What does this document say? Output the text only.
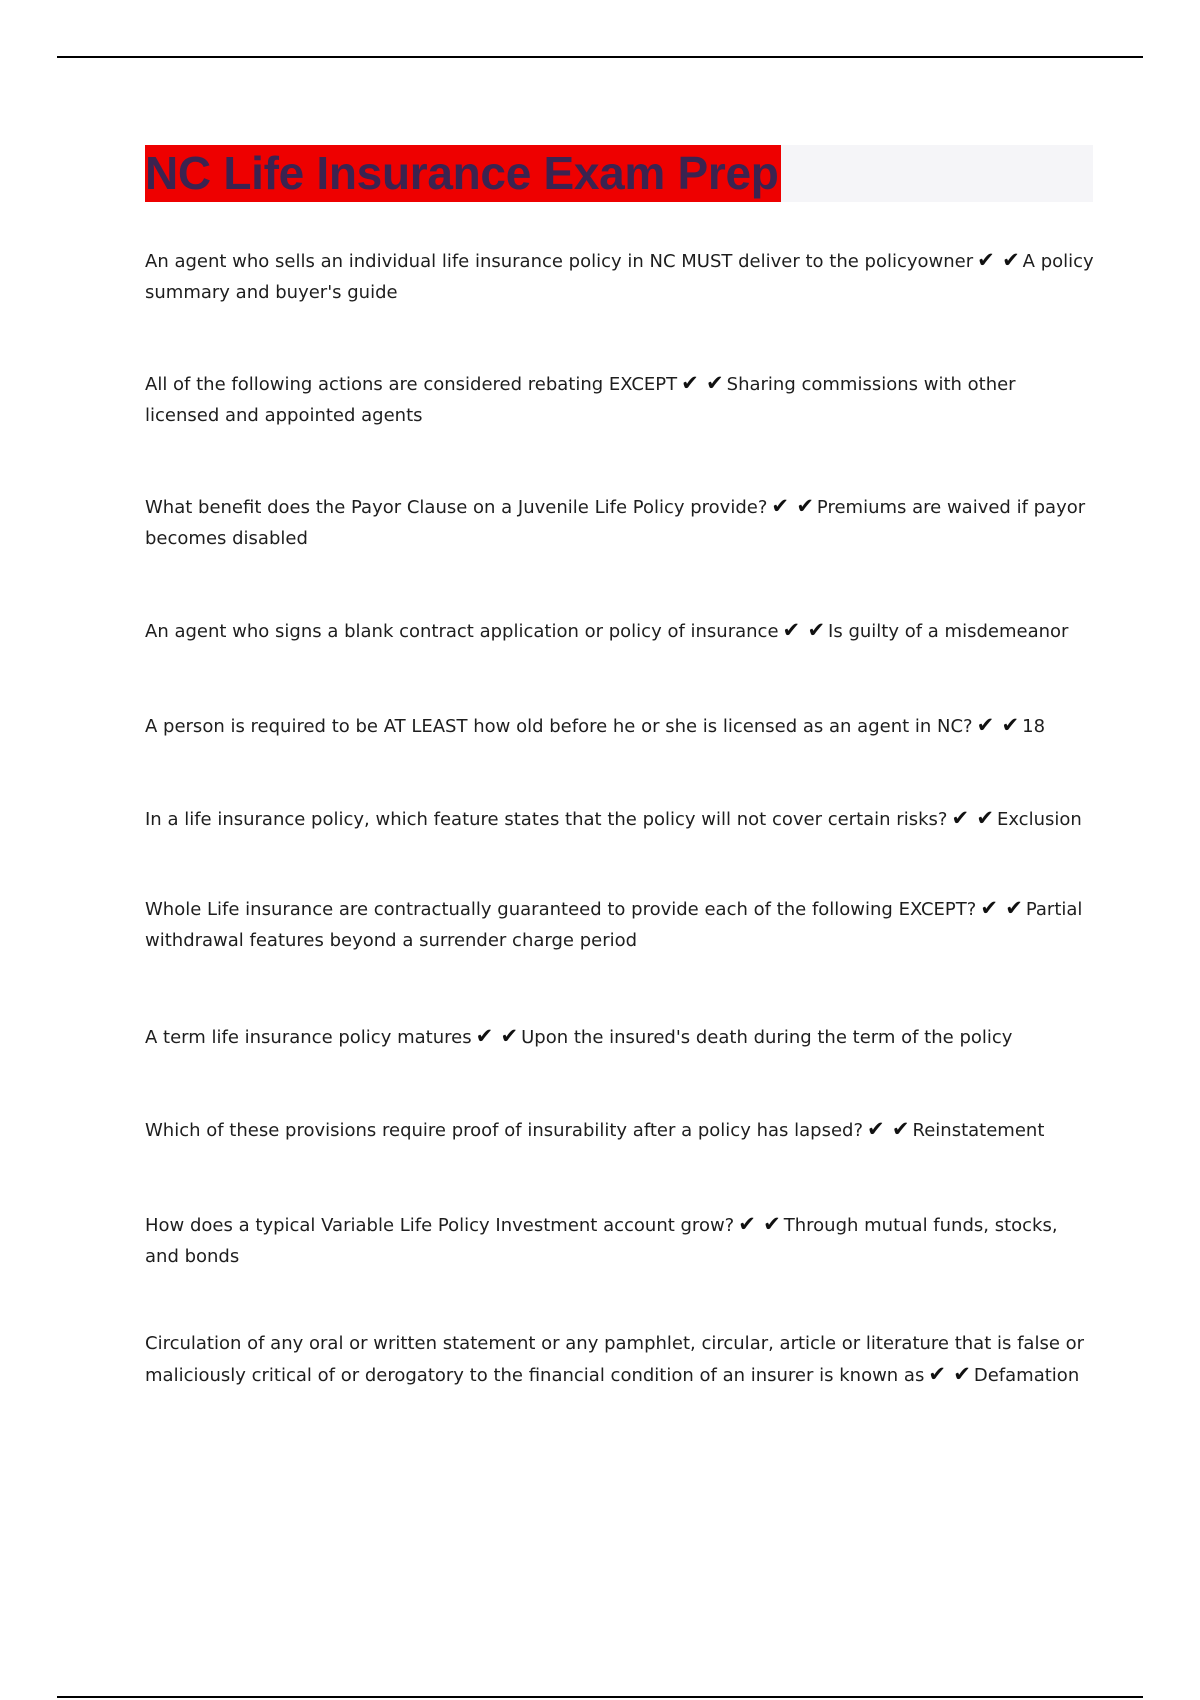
NC Life Insurance Exam Prep
An agent who sells an individual life insurance policy in NC MUST deliver to the policyowner ✔ ✔ A policy summary and buyer's guide
All of the following actions are considered rebating EXCEPT ✔ ✔ Sharing commissions with other licensed and appointed agents
What benefit does the Payor Clause on a Juvenile Life Policy provide? ✔ ✔ Premiums are waived if payor becomes disabled
An agent who signs a blank contract application or policy of insurance ✔ ✔ Is guilty of a misdemeanor
A person is required to be AT LEAST how old before he or she is licensed as an agent in NC? ✔ ✔ 18
In a life insurance policy, which feature states that the policy will not cover certain risks? ✔ ✔ Exclusion
Whole Life insurance are contractually guaranteed to provide each of the following EXCEPT? ✔ ✔ Partial withdrawal features beyond a surrender charge period
A term life insurance policy matures ✔ ✔ Upon the insured's death during the term of the policy
Which of these provisions require proof of insurability after a policy has lapsed? ✔ ✔ Reinstatement
How does a typical Variable Life Policy Investment account grow? ✔ ✔ Through mutual funds, stocks, and bonds
Circulation of any oral or written statement or any pamphlet, circular, article or literature that is false or maliciously critical of or derogatory to the financial condition of an insurer is known as ✔ ✔ Defamation
